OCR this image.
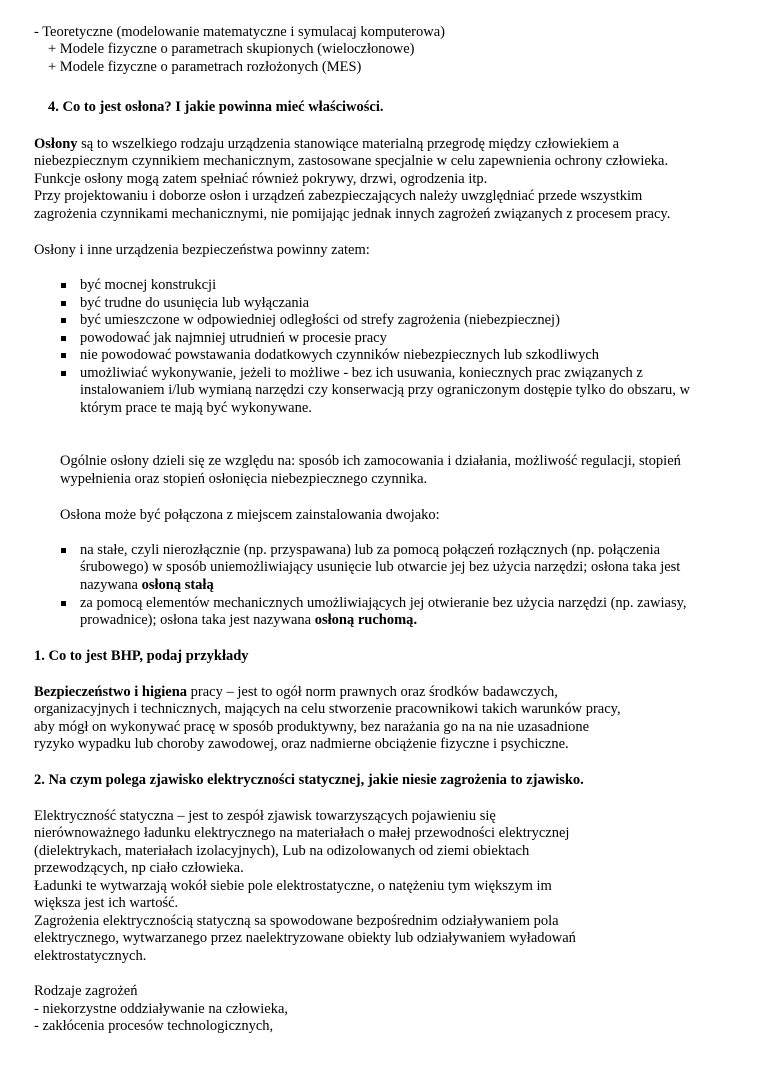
- Teoretyczne (modelowanie matematyczne i symulacaj komputerowa)
+ Modele fizyczne o parametrach skupionych (wieloczłonowe)
+ Modele fizyczne o parametrach rozłożonych (MES)
4. Co to jest osłona? I jakie powinna mieć właściwości.
Osłony są to wszelkiego rodzaju urządzenia stanowiące materialną przegrodę między człowiekiem a
niebezpiecznym czynnikiem mechanicznym, zastosowane specjalnie w celu zapewnienia ochrony człowieka.
Funkcje osłony mogą zatem spełniać również pokrywy, drzwi, ogrodzenia itp.
Przy projektowaniu i doborze osłon i urządzeń zabezpieczających należy uwzględniać przede wszystkim
zagrożenia czynnikami mechanicznymi, nie pomijając jednak innych zagrożeń związanych z procesem pracy.
Osłony i inne urządzenia bezpieczeństwa powinny zatem:
być mocnej konstrukcji
być trudne do usunięcia lub wyłączania
być umieszczone w odpowiedniej odległości od strefy zagrożenia (niebezpiecznej)
powodować jak najmniej utrudnień w procesie pracy
nie powodować powstawania dodatkowych czynników niebezpiecznych lub szkodliwych
umożliwiać wykonywanie, jeżeli to możliwe - bez ich usuwania, koniecznych prac związanych z
instalowaniem i/lub wymianą narzędzi czy konserwacją przy ograniczonym dostępie tylko do obszaru, w
którym prace te mają być wykonywane.
Ogólnie osłony dzieli się ze względu na: sposób ich zamocowania i działania, możliwość regulacji, stopień
wypełnienia oraz stopień osłonięcia niebezpiecznego czynnika.
Osłona może być połączona z miejscem zainstalowania dwojako:
na stałe, czyli nierozłącznie (np. przyspawana) lub za pomocą połączeń rozłącznych (np. połączenia
śrubowego) w sposób uniemożliwiający usunięcie lub otwarcie jej bez użycia narzędzi; osłona taka jest
nazywana osłoną stałą
za pomocą elementów mechanicznych umożliwiających jej otwieranie bez użycia narzędzi (np. zawiasy,
prowadnice); osłona taka jest nazywana osłoną ruchomą.
1. Co to jest BHP, podaj przykłady
Bezpieczeństwo i higiena pracy – jest to ogół norm prawnych oraz środków badawczych,
organizacyjnych i technicznych, mających na celu stworzenie pracownikowi takich warunków pracy,
aby mógł on wykonywać pracę w sposób produktywny, bez narażania go na na nie uzasadnione
ryzyko wypadku lub choroby zawodowej, oraz nadmierne obciążenie fizyczne i psychiczne.
2. Na czym polega zjawisko elektryczności statycznej, jakie niesie zagrożenia to zjawisko.
Elektryczność statyczna – jest to zespół zjawisk towarzyszących pojawieniu się
nierównoważnego ładunku elektrycznego na materiałach o małej przewodności elektrycznej
(dielektrykach, materiałach izolacyjnych), Lub na odizolowanych od ziemi obiektach
przewodzących, np ciało człowieka.
Ładunki te wytwarzają wokół siebie pole elektrostatyczne, o natężeniu tym większym im
większa jest ich wartość.
Zagrożenia elektrycznością statyczną sa spowodowane bezpośrednim odziaływaniem pola
elektrycznego, wytwarzanego przez naelektryzowane obiekty lub odziaływaniem wyładowań
elektrostatycznych.
Rodzaje zagrożeń
- niekorzystne oddziaływanie na człowieka,
- zakłócenia procesów technologicznych,
